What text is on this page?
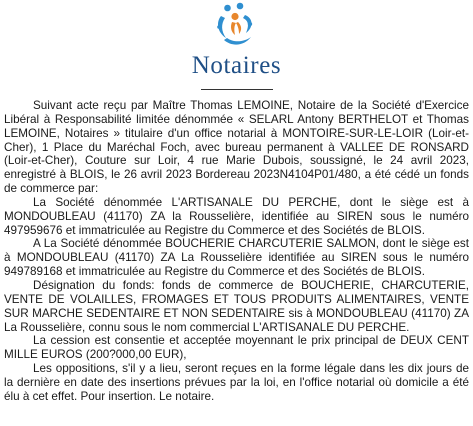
Notaires

Suivant acte reçu par Maître Thomas LEMOINE, Notaire de la Société d'Exercice Libéral à Responsabilité limitée dénommée « SELARL Antony BERTHELOT et Thomas LEMOINE, Notaires » titulaire d'un office notarial à MONTOIRE-SUR-LE-LOIR (Loir-et-Cher), 1 Place du Maréchal Foch, avec bureau permanent à VALLEE DE RONSARD (Loir-et-Cher), Couture sur Loir, 4 rue Marie Dubois, soussigné, le 24 avril 2023, enregistré à BLOIS, le 26 avril 2023 Bordereau 2023N4104P01/480, a été cédé un fonds de commerce par:

La Société dénommée L'ARTISANALE DU PERCHE, dont le siège est à MONDOUBLEAU (41170) ZA la Rousselière, identifiée au SIREN sous le numéro 497959676 et immatriculée au Registre du Commerce et des Sociétés de BLOIS.

A La Société dénommée BOUCHERIE CHARCUTERIE SALMON, dont le siège est à MONDOUBLEAU (41170) ZA La Rousselière identifiée au SIREN sous le numéro 949789168 et immatriculée au Registre du Commerce et des Sociétés de BLOIS.

Désignation du fonds: fonds de commerce de BOUCHERIE, CHARCUTERIE, VENTE DE VOLAILLES, FROMAGES ET TOUS PRODUITS ALIMENTAIRES, VENTE SUR MARCHE SEDENTAIRE ET NON SEDENTAIRE sis à MONDOUBLEAU (41170) ZA La Rousselière, connu sous le nom commercial L'ARTISANALE DU PERCHE.

La cession est consentie et acceptée moyennant le prix principal de DEUX CENT MILLE EUROS (200?000,00 EUR),

Les oppositions, s'il y a lieu, seront reçues en la forme légale dans les dix jours de la dernière en date des insertions prévues par la loi, en l'office notarial où domicile a été élu à cet effet. Pour insertion. Le notaire.
